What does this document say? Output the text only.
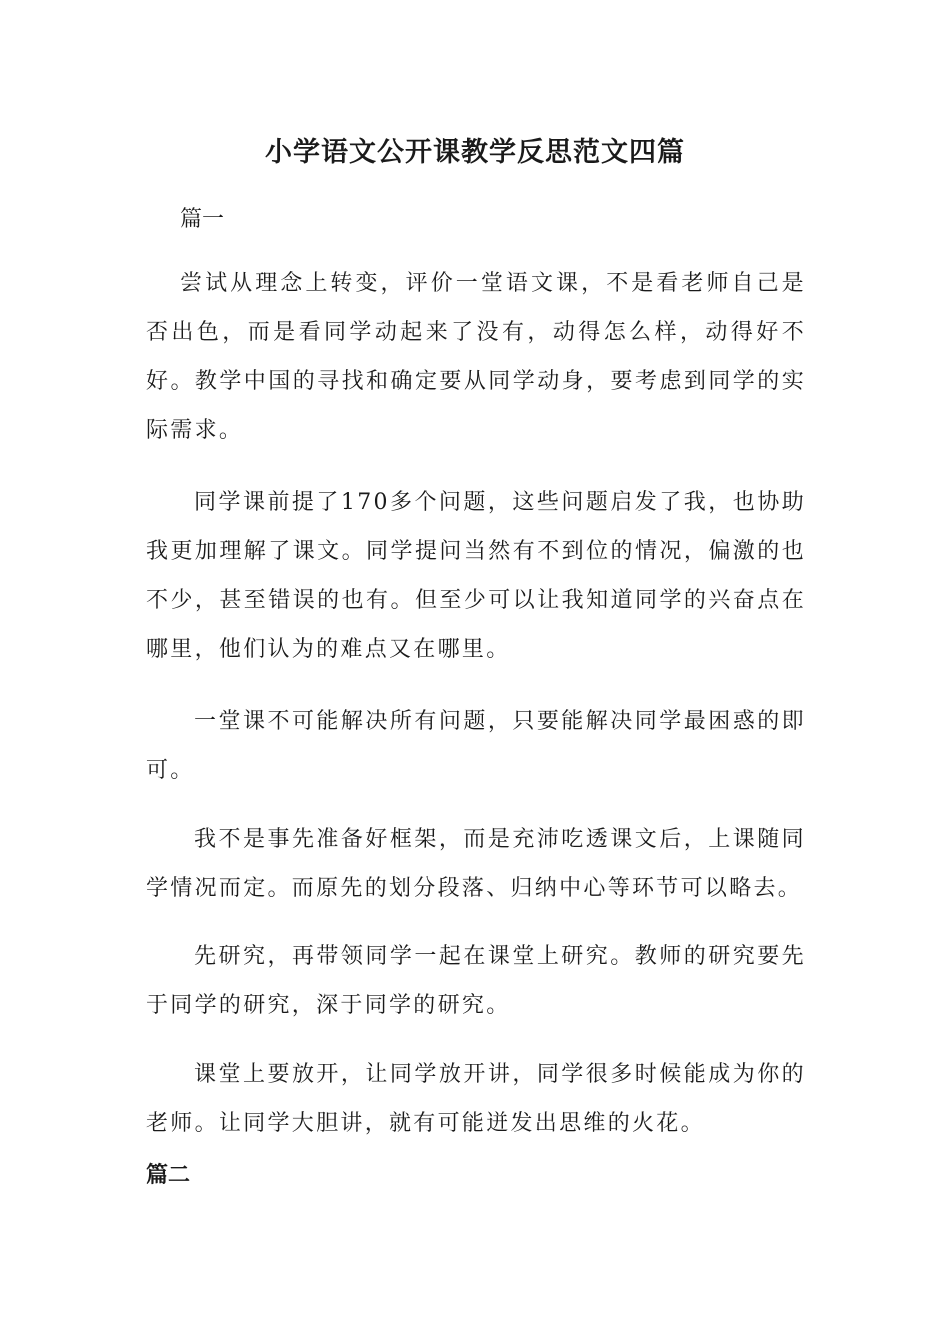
小学语文公开课教学反思范文四篇
篇一

尝试从理念上转变，评价一堂语文课，不是看老师自己是否出色，而是看同学动起来了没有，动得怎么样，动得好不好。教学中国的寻找和确定要从同学动身，要考虑到同学的实际需求。

同学课前提了170多个问题，这些问题启发了我，也协助我更加理解了课文。同学提问当然有不到位的情况，偏激的也不少，甚至错误的也有。但至少可以让我知道同学的兴奋点在哪里，他们认为的难点又在哪里。

一堂课不可能解决所有问题，只要能解决同学最困惑的即可。

我不是事先准备好框架，而是充沛吃透课文后，上课随同学情况而定。而原先的划分段落、归纳中心等环节可以略去。

先研究，再带领同学一起在课堂上研究。教师的研究要先于同学的研究，深于同学的研究。

课堂上要放开，让同学放开讲，同学很多时候能成为你的老师。让同学大胆讲，就有可能迸发出思维的火花。

篇二
